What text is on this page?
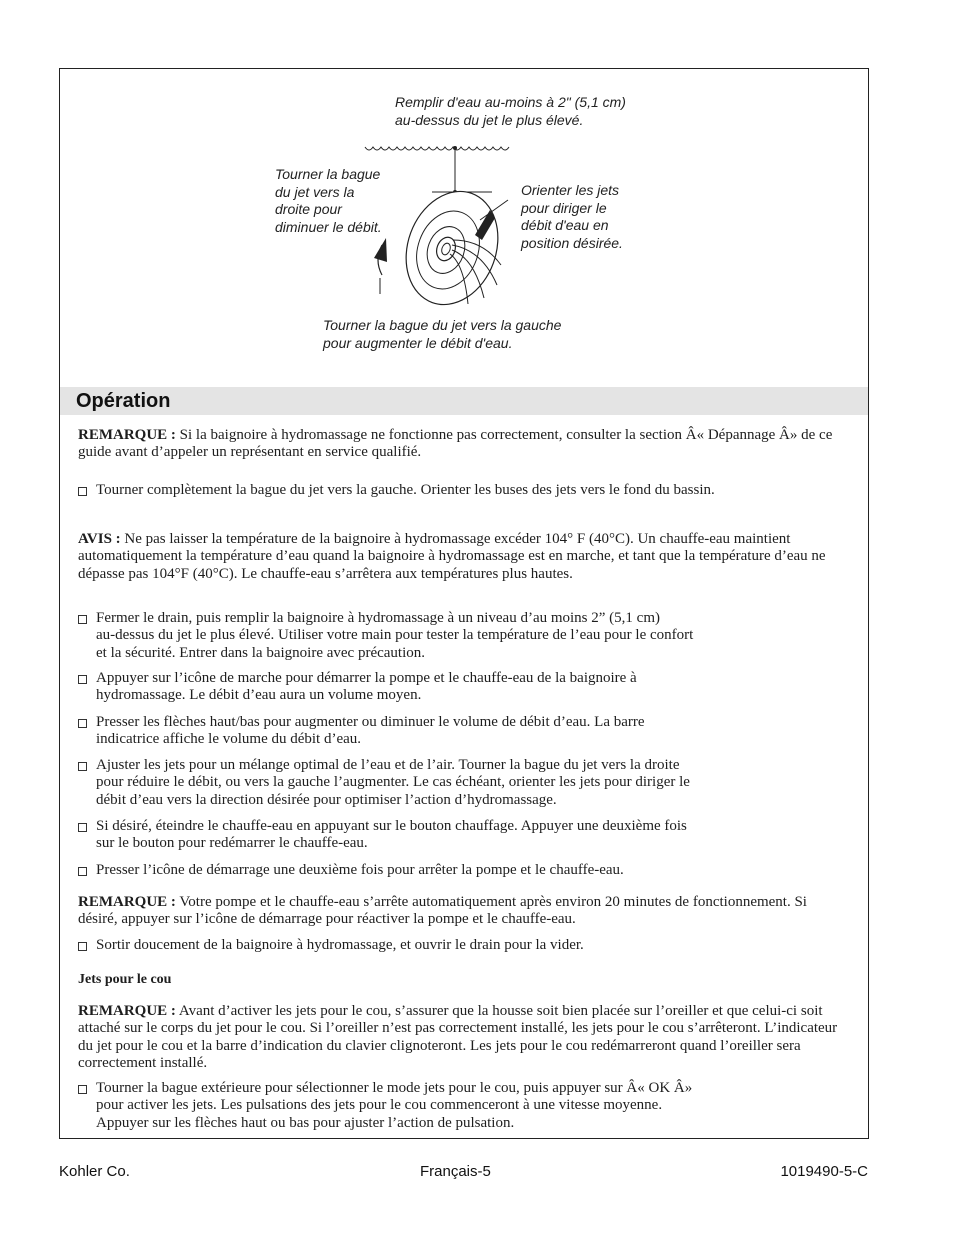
Remplir d'eau au-moins à 2" (5,1 cm)
au-dessus du jet le plus élevé.
Tourner la bague
du jet vers la
droite pour
diminuer le débit.
Orienter les jets
pour diriger le
débit d'eau en
position désirée.
Tourner la bague du jet vers la gauche
pour augmenter le débit d'eau.
Opération
REMARQUE : Si la baignoire à hydromassage ne fonctionne pas correctement, consulter la section Â« Dépannage Â» de ce guide avant d’appeler un représentant en service qualifié.
Tourner complètement la bague du jet vers la gauche. Orienter les buses des jets vers le fond du bassin.
AVIS : Ne pas laisser la température de la baignoire à hydromassage excéder 104° F (40°C). Un chauffe-eau maintient automatiquement la température d’eau quand la baignoire à hydromassage est en marche, et tant que la température d’eau ne dépasse pas 104°F (40°C). Le chauffe-eau s’arrêtera aux températures plus hautes.
Fermer le drain, puis remplir la baignoire à hydromassage à un niveau d’au moins 2” (5,1 cm)
au-dessus du jet le plus élevé. Utiliser votre main pour tester la température de l’eau pour le confort
et la sécurité. Entrer dans la baignoire avec précaution.
Appuyer sur l’icône de marche pour démarrer la pompe et le chauffe-eau de la baignoire à
hydromassage. Le débit d’eau aura un volume moyen.
Presser les flèches haut/bas pour augmenter ou diminuer le volume de débit d’eau. La barre
indicatrice affiche le volume du débit d’eau.
Ajuster les jets pour un mélange optimal de l’eau et de l’air. Tourner la bague du jet vers la droite
pour réduire le débit, ou vers la gauche l’augmenter. Le cas échéant, orienter les jets pour diriger le
débit d’eau vers la direction désirée pour optimiser l’action d’hydromassage.
Si désiré, éteindre le chauffe-eau en appuyant sur le bouton chauffage. Appuyer une deuxième fois
sur le bouton pour redémarrer le chauffe-eau.
Presser l’icône de démarrage une deuxième fois pour arrêter la pompe et le chauffe-eau.
REMARQUE : Votre pompe et le chauffe-eau s’arrête automatiquement après environ 20 minutes de fonctionnement. Si désiré, appuyer sur l’icône de démarrage pour réactiver la pompe et le chauffe-eau.
Sortir doucement de la baignoire à hydromassage, et ouvrir le drain pour la vider.
Jets pour le cou
REMARQUE : Avant d’activer les jets pour le cou, s’assurer que la housse soit bien placée sur l’oreiller et que celui-ci soit attaché sur le corps du jet pour le cou. Si l’oreiller n’est pas correctement installé, les jets pour le cou s’arrêteront. L’indicateur du jet pour le cou et la barre d’indication du clavier clignoteront. Les jets pour le cou redémarreront quand l’oreiller sera correctement installé.
Tourner la bague extérieure pour sélectionner le mode jets pour le cou, puis appuyer sur Â« OK Â»
pour activer les jets. Les pulsations des jets pour le cou commenceront à une vitesse moyenne.
Appuyer sur les flèches haut ou bas pour ajuster l’action de pulsation.
Kohler Co.	Français-5	1019490-5-C
